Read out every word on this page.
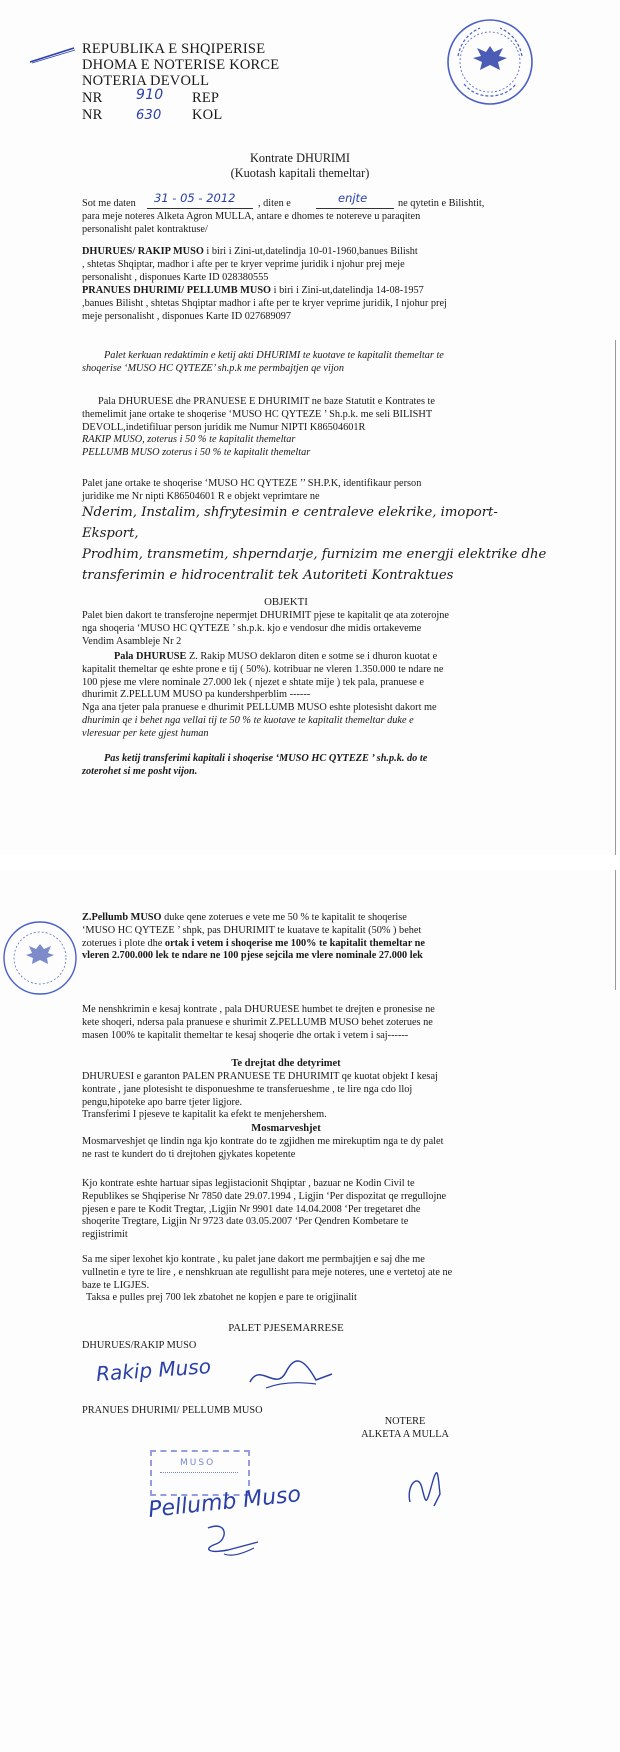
REPUBLIKA E SHQIPERISE
DHOMA E NOTERISE KORCE
NOTERIA DEVOLL
NR 910 REP
NR	630 KOL
Kontrate DHURIMI
(Kuotash kapitali themeltar)
Sot me daten 31 - 05 - 2012 , diten e	enjte	ne qytetin e Bilishtit,
para meje noteres Alketa Agron MULLA, antare e dhomes te notereve u paraqiten
personalisht palet kontraktuse/
DHURUES/ RAKIP MUSO i biri i Zini-ut,datelindja 10-01-1960,banues Bilisht
, shtetas Shqiptar, madhor i afte per te kryer veprime juridik i njohur prej meje
personalisht , disponues Karte ID 028380555
PRANUES DHURIMI/ PELLUMB MUSO i biri i Zini-ut,datelindja 14-08-1957
,banues Bilisht , shtetas Shqiptar madhor i afte per te kryer veprime juridik, I njohur prej
meje personalisht , disponues Karte ID 027689097
Palet kerkuan redaktimin e ketij akti DHURIMI te kuotave te kapitalit themeltar te
shoqerise ‘MUSO HC QYTEZE’ sh.p.k me permbajtjen qe vijon
Pala DHURUESE dhe PRANUESE E DHURIMIT ne baze Statutit e Kontrates te
themelimit jane ortake te shoqerise ‘MUSO HC QYTEZE ’ Sh.p.k. me seli BILISHT
DEVOLL,indetifiluar person juridik me Numur NIPTI K86504601R
RAKIP MUSO, zoterus i 50 % te kapitalit themeltar
PELLUMB MUSO zoterus i 50 % te kapitalit themeltar
Palet jane ortake te shoqerise ‘MUSO HC QYTEZE ’’ SH.P.K, identifikaur person
juridike me Nr nipti K86504601 R e objekt veprimtare ne
Nderim, Instalim, shfrytesimin e centraleve elekrike, imoport-Eksport,
Prodhim, transmetim, shperndarje, furnizim me energji elektrike dhe
transferimin e hidrocentralit tek Autoriteti Kontraktues
OBJEKTI
Palet bien dakort te transferojne nepermjet DHURIMIT pjese te kapitalit qe ata zoterojne
nga shoqeria ‘MUSO HC QYTEZE ’ sh.p.k. kjo e vendosur dhe midis ortakeveme
Vendim Asambleje Nr 2
Pala DHURUSE Z. Rakip MUSO deklaron diten e sotme se i dhuron kuotat e
kapitalit themeltar qe eshte prone e tij ( 50%). kotribuar ne vleren 1.350.000 te ndare ne
100 pjese me vlere nominale 27.000 lek ( njezet e shtate mije ) tek pala, pranuese e
dhurimit Z.PELLUM MUSO pa kundershperblim ------
Nga ana tjeter pala pranuese e dhurimit PELLUMB MUSO eshte plotesisht dakort me
dhurimin qe i behet nga vellai tij te 50 % te kuotave te kapitalit themeltar duke e
vleresuar per kete gjest human
Pas ketij transferimi kapitali i shoqerise ‘MUSO HC QYTEZE ’ sh.p.k. do te
zoterohet si me posht vijon.
Z.Pellumb MUSO duke qene zoterues e vete me 50 % te kapitalit te shoqerise
‘MUSO HC QYTEZE ’ shpk, pas DHURIMIT te kuatave te kapitalit (50% ) behet
zoterues i plote dhe ortak i vetem i shoqerise me 100% te kapitalit themeltar ne
vleren 2.700.000 lek te ndare ne 100 pjese sejcila me vlere nominale 27.000 lek
Me nenshkrimin e kesaj kontrate , pala DHURUESE humbet te drejten e pronesise ne
kete shoqeri, ndersa pala pranuese e shurimit Z.PELLUMB MUSO behet zoterues ne
masen 100% te kapitalit themeltar te kesaj shoqerie dhe ortak i vetem i saj------
Te drejtat dhe detyrimet
DHURUESI e garanton PALEN PRANUESE TE DHURIMIT qe kuotat objekt I kesaj
kontrate , jane plotesisht te disponueshme te transferueshme , te lire nga cdo lloj
pengu,hipoteke apo barre tjeter ligjore.
Transferimi I pjeseve te kapitalit ka efekt te menjehershem.
Mosmarveshjet
Mosmarveshjet qe lindin nga kjo kontrate do te zgjidhen me mirekuptim nga te dy palet
ne rast te kundert do ti drejtohen gjykates kopetente
Kjo kontrate eshte hartuar sipas legjistacionit Shqiptar , bazuar ne Kodin Civil te
Republikes se Shqiperise Nr 7850 date 29.07.1994 , Ligjin ‘Per dispozitat qe rregullojne
pjesen e pare te Kodit Tregtar, ,Ligjin Nr 9901 date 14.04.2008 ‘Per tregetaret dhe
shoqerite Tregtare, Ligjin Nr 9723 date 03.05.2007 ‘Per Qendren Kombetare te
regjistrimit
Sa me siper lexohet kjo kontrate , ku palet jane dakort me permbajtjen e saj dhe me
vullnetin e tyre te lire , e nenshkruan ate regullisht para meje noteres, une e vertetoj ate ne
baze te LIGJES.
Taksa e pulles prej 700 lek zbatohet ne kopjen e pare te origjinalit
PALET PJESEMARRESE
DHURUES/RAKIP MUSO
Rakip Muso
PRANUES DHURIMI/ PELLUMB MUSO
NOTERE
ALKETA A MULLA
MUSO
Pellumb Muso
